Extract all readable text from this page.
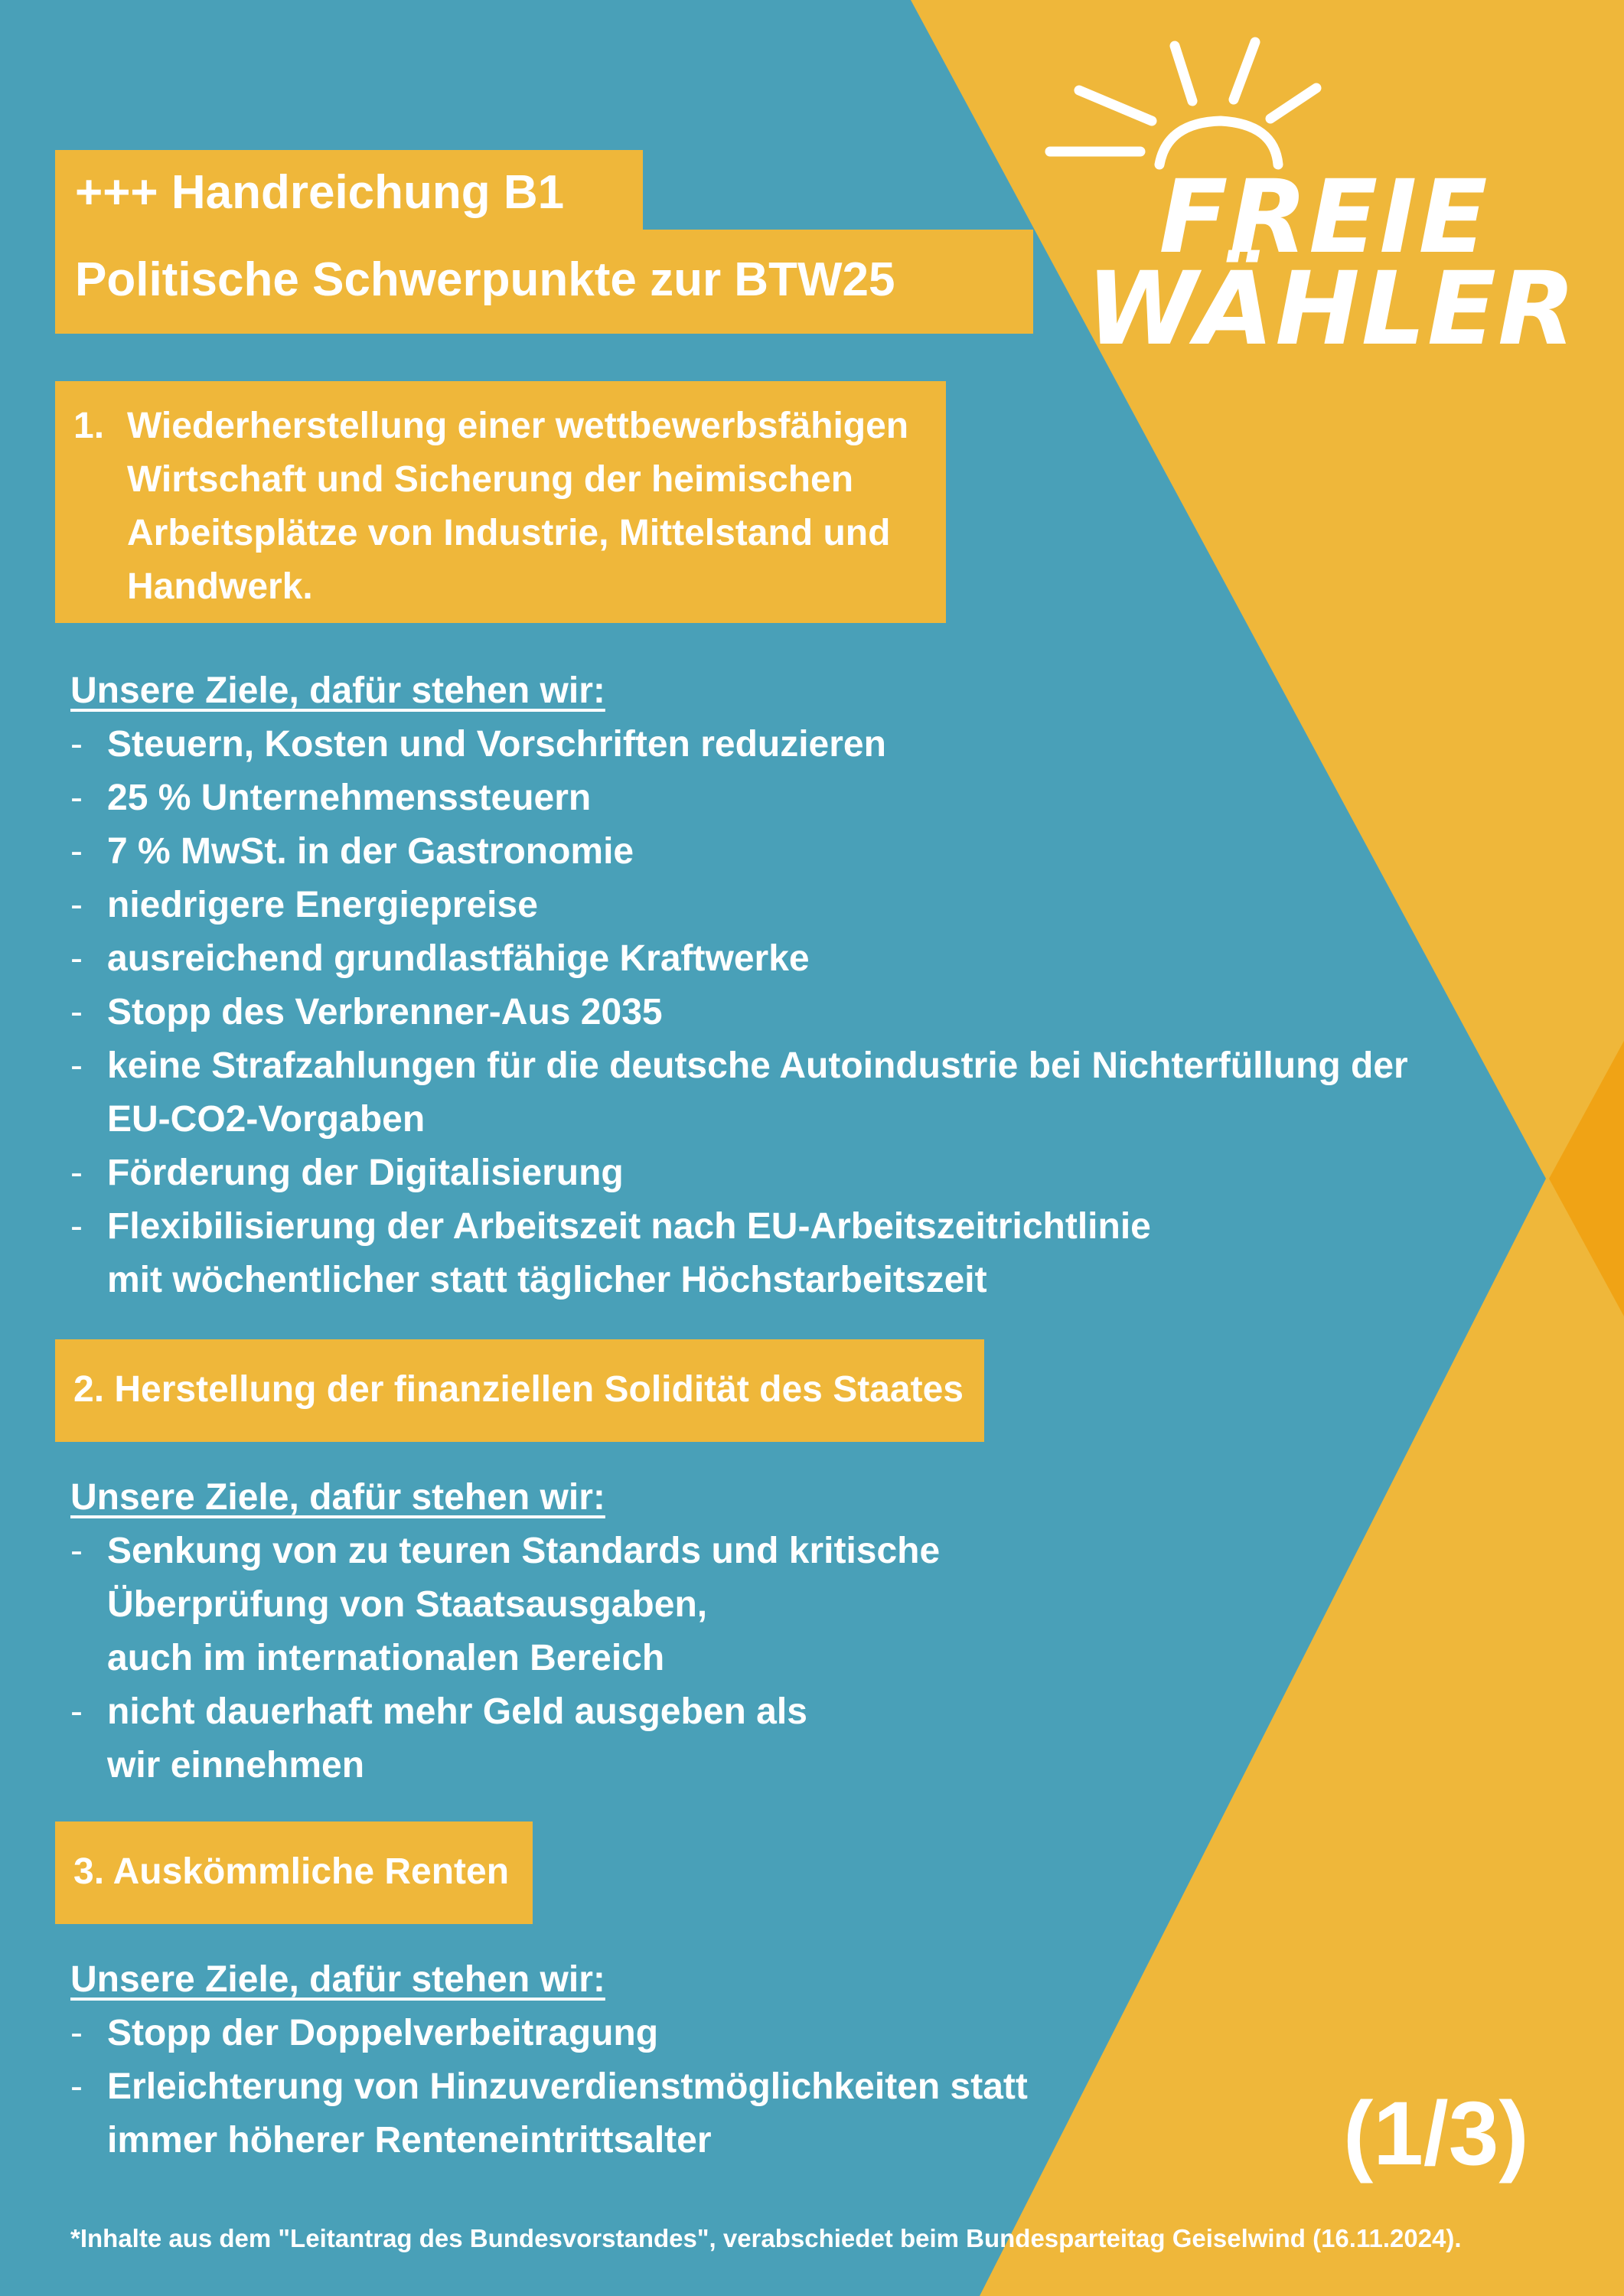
FREIE
WÄHLER
+++ Handreichung B1
Politische Schwerpunkte zur BTW25
1. Wiederherstellung einer wettbewerbsfähigen
Wirtschaft und Sicherung der heimischen
Arbeitsplätze von Industrie, Mittelstand und
Handwerk.
Unsere Ziele, dafür stehen wir:
- Steuern, Kosten und Vorschriften reduzieren
- 25 % Unternehmenssteuern
- 7 % MwSt. in der Gastronomie
- niedrigere Energiepreise
- ausreichend grundlastfähige Kraftwerke
- Stopp des Verbrenner-Aus 2035
- keine Strafzahlungen für die deutsche Autoindustrie bei Nichterfüllung der
EU-CO2-Vorgaben
- Förderung der Digitalisierung
- Flexibilisierung der Arbeitszeit nach EU-Arbeitszeitrichtlinie
mit wöchentlicher statt täglicher Höchstarbeitszeit
2. Herstellung der finanziellen Solidität des Staates
Unsere Ziele, dafür stehen wir:
- Senkung von zu teuren Standards und kritische
Überprüfung von Staatsausgaben,
auch im internationalen Bereich
- nicht dauerhaft mehr Geld ausgeben als
wir einnehmen
3. Auskömmliche Renten
Unsere Ziele, dafür stehen wir:
- Stopp der Doppelverbeitragung
- Erleichterung von Hinzuverdienstmöglichkeiten statt
immer höherer Renteneintrittsalter	(1/3)
*Inhalte aus dem "Leitantrag des Bundesvorstandes", verabschiedet beim Bundesparteitag Geiselwind (16.11.2024).
